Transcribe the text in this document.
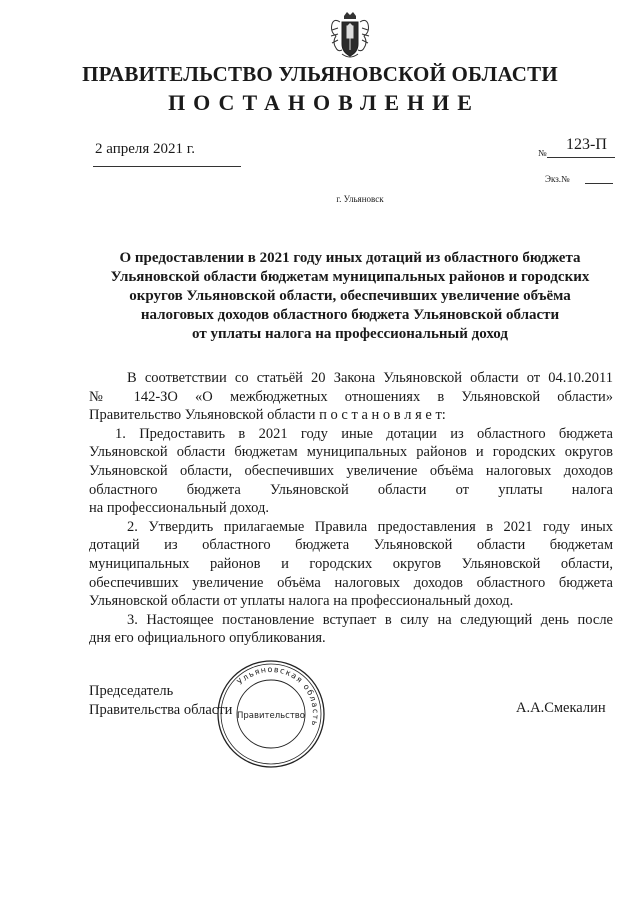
ПРАВИТЕЛЬСТВО УЛЬЯНОВСКОЙ ОБЛАСТИ
ПОСТАНОВЛЕНИЕ
2 апреля 2021 г.	№ 123-П
Экз.№
г. Ульяновск
О предоставлении в 2021 году иных дотаций из областного бюджета
Ульяновской области бюджетам муниципальных районов и городских
округов Ульяновской области, обеспечивших увеличение объёма
налоговых доходов областного бюджета Ульяновской области
от уплаты налога на профессиональный доход

В соответствии со статьёй 20 Закона Ульяновской области от 04.10.2011
№ 142-ЗО «О межбюджетных отношениях в Ульяновской области»
Правительство Ульяновской области п о с т а н о в л я е т:

1. Предоставить в 2021 году иные дотации из областного бюджета
Ульяновской области бюджетам муниципальных районов и городских округов
Ульяновской области, обеспечивших увеличение объёма налоговых доходов
областного бюджета Ульяновской области от уплаты налога
на профессиональный доход.

2. Утвердить прилагаемые Правила предоставления в 2021 году иных
дотаций из областного бюджета Ульяновской области бюджетам
муниципальных районов и городских округов Ульяновской области,
обеспечивших увеличение объёма налоговых доходов областного бюджета
Ульяновской области от уплаты налога на профессиональный доход.

3. Настоящее постановление вступает в силу на следующий день после
дня его официального опубликования.

Председатель
Правительства области	А.А.Смекалин
Ульяновская область
Правительство
